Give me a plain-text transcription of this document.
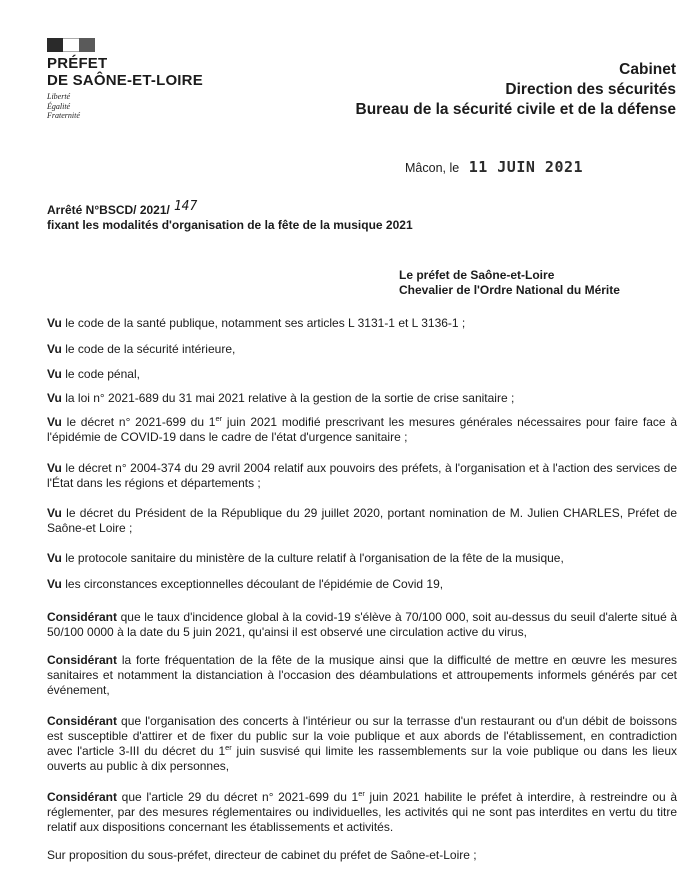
PRÉFET
DE SAÔNE-ET-LOIRE
Liberté
Égalité
Fraternité
Cabinet
Direction des sécurités
Bureau de la sécurité civile et de la défense
Mâcon, le 11 JUIN 2021
Arrêté N°BSCD/ 2021/ 147
fixant les modalités d'organisation de la fête de la musique 2021
Le préfet de Saône-et-Loire
Chevalier de l'Ordre National du Mérite

Vu le code de la santé publique, notamment ses articles L 3131-1 et L 3136-1 ;

Vu le code de la sécurité intérieure,

Vu le code pénal,

Vu la loi n° 2021-689 du 31 mai 2021 relative à la gestion de la sortie de crise sanitaire ;

Vu le décret n° 2021-699 du 1er juin 2021 modifié prescrivant les mesures générales nécessaires pour faire face à l'épidémie de COVID-19 dans le cadre de l'état d'urgence sanitaire ;

Vu le décret n° 2004-374 du 29 avril 2004 relatif aux pouvoirs des préfets, à l'organisation et à l'action des services de l'État dans les régions et départements ;

Vu le décret du Président de la République du 29 juillet 2020, portant nomination de M. Julien CHARLES, Préfet de Saône-et Loire ;

Vu le protocole sanitaire du ministère de la culture relatif à l'organisation de la fête de la musique,

Vu les circonstances exceptionnelles découlant de l'épidémie de Covid 19,

Considérant que le taux d'incidence global à la covid-19 s'élève à 70/100 000, soit au-dessus du seuil d'alerte situé à 50/100 0000 à la date du 5 juin 2021, qu'ainsi il est observé une circulation active du virus,

Considérant la forte fréquentation de la fête de la musique ainsi que la difficulté de mettre en œuvre les mesures sanitaires et notamment la distanciation à l'occasion des déambulations et attroupements informels générés par cet événement,

Considérant que l'organisation des concerts à l'intérieur ou sur la terrasse d'un restaurant ou d'un débit de boissons est susceptible d'attirer et de fixer du public sur la voie publique et aux abords de l'établissement, en contradiction avec l'article 3-III du décret du 1er juin susvisé qui limite les rassemblements sur la voie publique ou dans les lieux ouverts au public à dix personnes,

Considérant que l'article 29 du décret n° 2021-699 du 1er juin 2021 habilite le préfet à interdire, à restreindre ou à réglementer, par des mesures réglementaires ou individuelles, les activités qui ne sont pas interdites en vertu du titre relatif aux dispositions concernant les établissements et activités.

Sur proposition du sous-préfet, directeur de cabinet du préfet de Saône-et-Loire ;
